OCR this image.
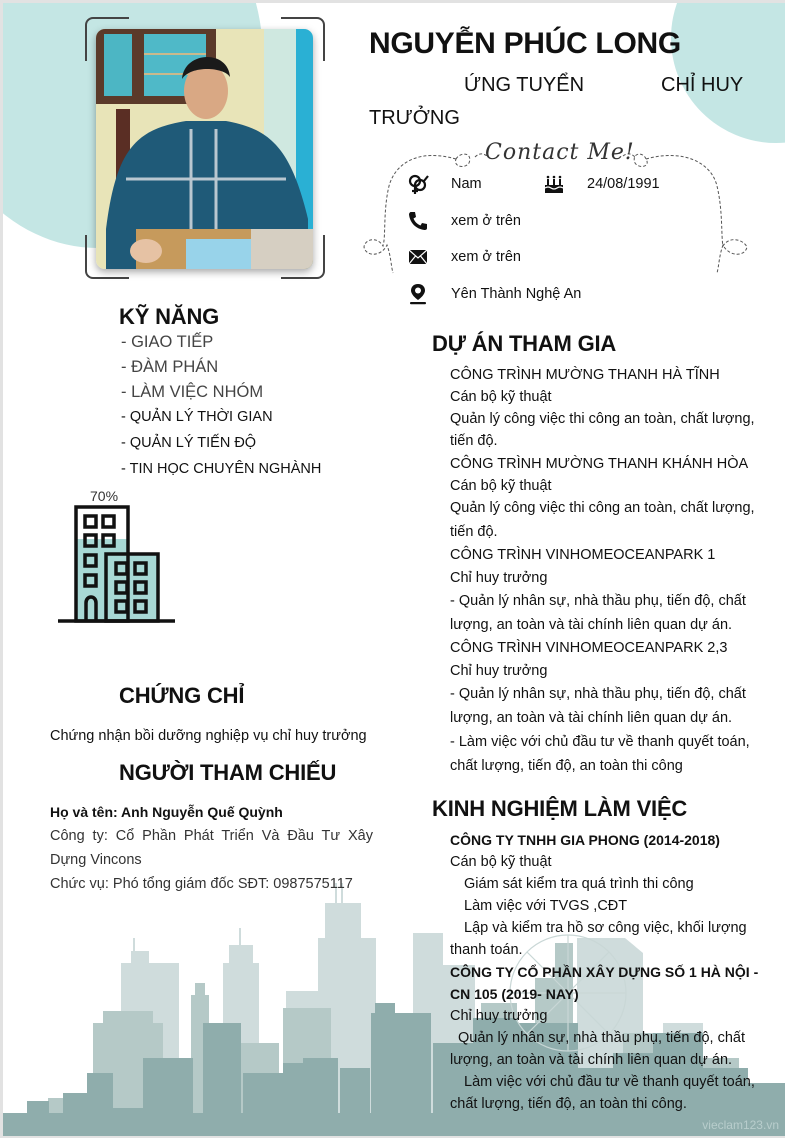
vieclam123.vn
NGUYỄN PHÚC LONG
ỨNG TUYỂN	CHỈ HUY
TRƯỞNG
Contact Me!
Nam	24/08/1991
xem ở trên
xem ở trên
Yên Thành Nghệ An
KỸ NĂNG
- GIAO TIẾP
- ĐÀM PHÁN
- LÀM VIỆC NHÓM
- QUẢN LÝ THỜI GIAN
- QUẢN LÝ TIẾN ĐỘ
- TIN HỌC CHUYÊN NGHÀNH
70%
CHỨNG CHỈ
Chứng nhận bồi dưỡng nghiệp vụ chỉ huy trưởng
NGƯỜI THAM CHIẾU
Họ và tên: Anh Nguyễn Quế Quỳnh
Công ty: Cổ Phần Phát Triển Và Đầu Tư Xây
Dựng Vincons
Chức vụ: Phó tổng giám đốc SĐT: 0987575117
DỰ ÁN THAM GIA
CÔNG TRÌNH MƯỜNG THANH HÀ TĨNH
Cán bộ kỹ thuật
Quản lý công việc thi công an toàn, chất lượng,
tiến độ.
CÔNG TRÌNH MƯỜNG THANH KHÁNH HÒA
Cán bộ kỹ thuật
Quản lý công việc thi công an toàn, chất lượng,
tiến độ.
CÔNG TRÌNH VINHOMEOCEANPARK 1
Chỉ huy trưởng
- Quản lý nhân sự, nhà thầu phụ, tiến độ, chất
lượng, an toàn và tài chính liên quan dự án.
CÔNG TRÌNH VINHOMEOCEANPARK 2,3
Chỉ huy trưởng
- Quản lý nhân sự, nhà thầu phụ, tiến độ, chất
lượng, an toàn và tài chính liên quan dự án.
- Làm việc với chủ đầu tư về thanh quyết toán,
chất lượng, tiến độ, an toàn thi công
KINH NGHIỆM LÀM VIỆC
CÔNG TY TNHH GIA PHONG (2014-2018)
Cán bộ kỹ thuật
Giám sát kiểm tra quá trình thi công
Làm việc với TVGS ,CĐT
Lập và kiểm tra hồ sơ công việc, khối lượng
thanh toán.
CÔNG TY CỔ PHẦN XÂY DỰNG SỐ 1 HÀ NỘI -
CN 105 (2019- NAY)
Chỉ huy trưởng
Quản lý nhân sự, nhà thầu phụ, tiến độ, chất
lượng, an toàn và tài chính liên quan dự án.
Làm việc với chủ đầu tư về thanh quyết toán,
chất lượng, tiến độ, an toàn thi công.
